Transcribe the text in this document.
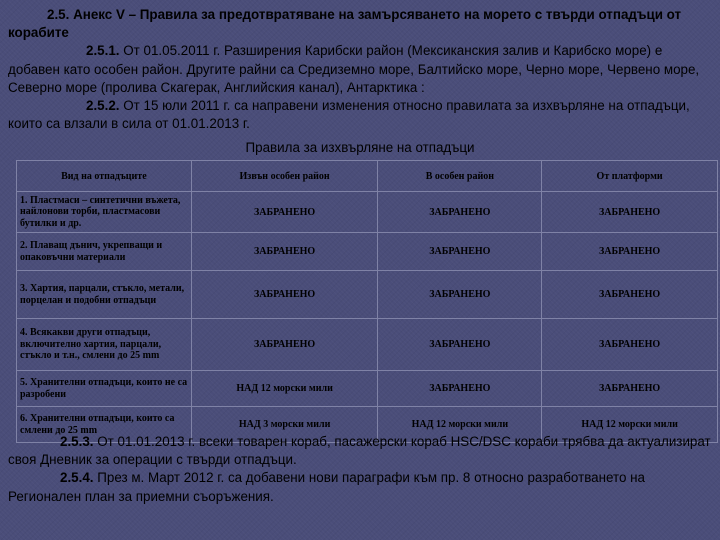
2.5. Анекс V – Правила за предотвратяване на замърсяването на морето с твърди отпадъци от корабите

2.5.1. От 01.05.2011 г. Разширения Карибски район (Мексиканския залив и Карибско море) е добавен като особен район. Другите райни са Средиземно море, Балтийско море, Черно море, Червено море, Северно море (пролива Скагерак, Английския канал), Антарктика :

2.5.2. От 15 юли 2011 г. са направени изменения относно правилата за изхвърляне на отпадъци, които са влзали в сила от 01.01.2013 г.

Правила за изхвърляне на отпадъци
Вид на отпадъците	Извън особен район	В особен район	От платформи
1. Пластмаси – синтетични въжета, найлонови торби, пластмасови бутилки и др.	ЗАБРАНЕНО	ЗАБРАНЕНО	ЗАБРАНЕНО
2. Плаващ дънич, укрепващи и опаковъчни материали	ЗАБРАНЕНО	ЗАБРАНЕНО	ЗАБРАНЕНО
3. Хартия, парцали, стъкло, метали, порцелан и подобни отпадъци	ЗАБРАНЕНО	ЗАБРАНЕНО	ЗАБРАНЕНО
4. Всякакви други отпадъци, включително хартия, парцали, стъкло и т.н., смлени до 25 mm	ЗАБРАНЕНО	ЗАБРАНЕНО	ЗАБРАНЕНО
5. Хранителни отпадъци, които не са разробени	НАД 12 морски мили	ЗАБРАНЕНО	ЗАБРАНЕНО
6. Хранителни отпадъци, които са смлени до 25 mm	НАД 3 морски мили	НАД 12 морски мили	НАД 12 морски мили

2.5.3. От 01.01.2013 г. всеки товарен кораб, пасажерски кораб HSC/DSC кораби трябва да актуализират своя Дневник за операции с твърди отпадъци.

2.5.4. През м. Март 2012 г. са добавени нови параграфи към пр. 8 относно разработването на Регионален план за приемни съоръжения.
